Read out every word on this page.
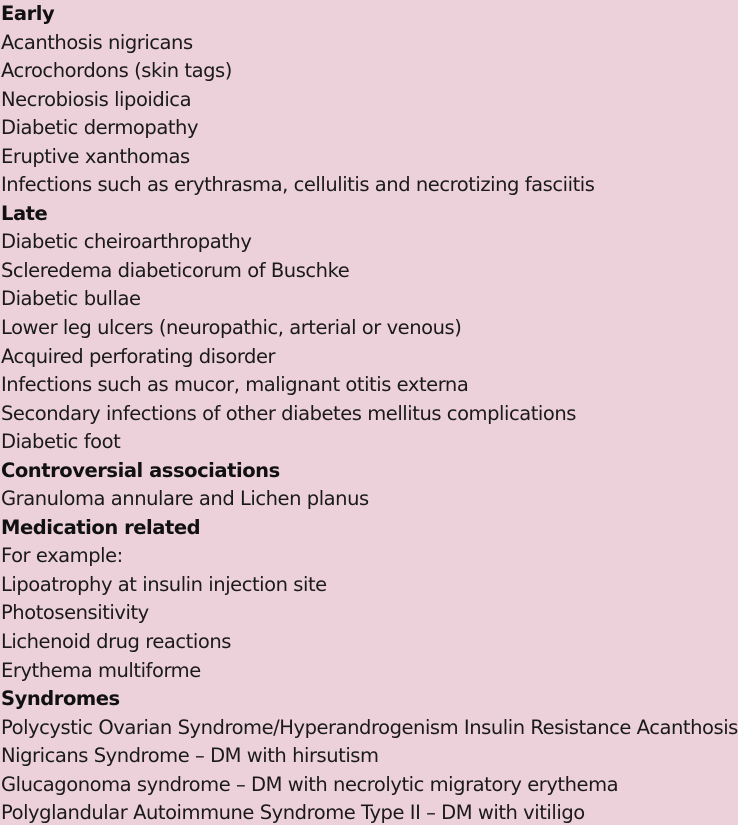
Early
Acanthosis nigricans
Acrochordons (skin tags)
Necrobiosis lipoidica
Diabetic dermopathy
Eruptive xanthomas
Infections such as erythrasma, cellulitis and necrotizing fasciitis
Late
Diabetic cheiroarthropathy
Scleredema diabeticorum of Buschke
Diabetic bullae
Lower leg ulcers (neuropathic, arterial or venous)
Acquired perforating disorder
Infections such as mucor, malignant otitis externa
Secondary infections of other diabetes mellitus complications
Diabetic foot
Controversial associations
Granuloma annulare and Lichen planus
Medication related
For example:
Lipoatrophy at insulin injection site
Photosensitivity
Lichenoid drug reactions
Erythema multiforme
Syndromes
Polycystic Ovarian Syndrome/Hyperandrogenism Insulin Resistance Acanthosis
Nigricans Syndrome – DM with hirsutism
Glucagonoma syndrome – DM with necrolytic migratory erythema
Polyglandular Autoimmune Syndrome Type II – DM with vitiligo
